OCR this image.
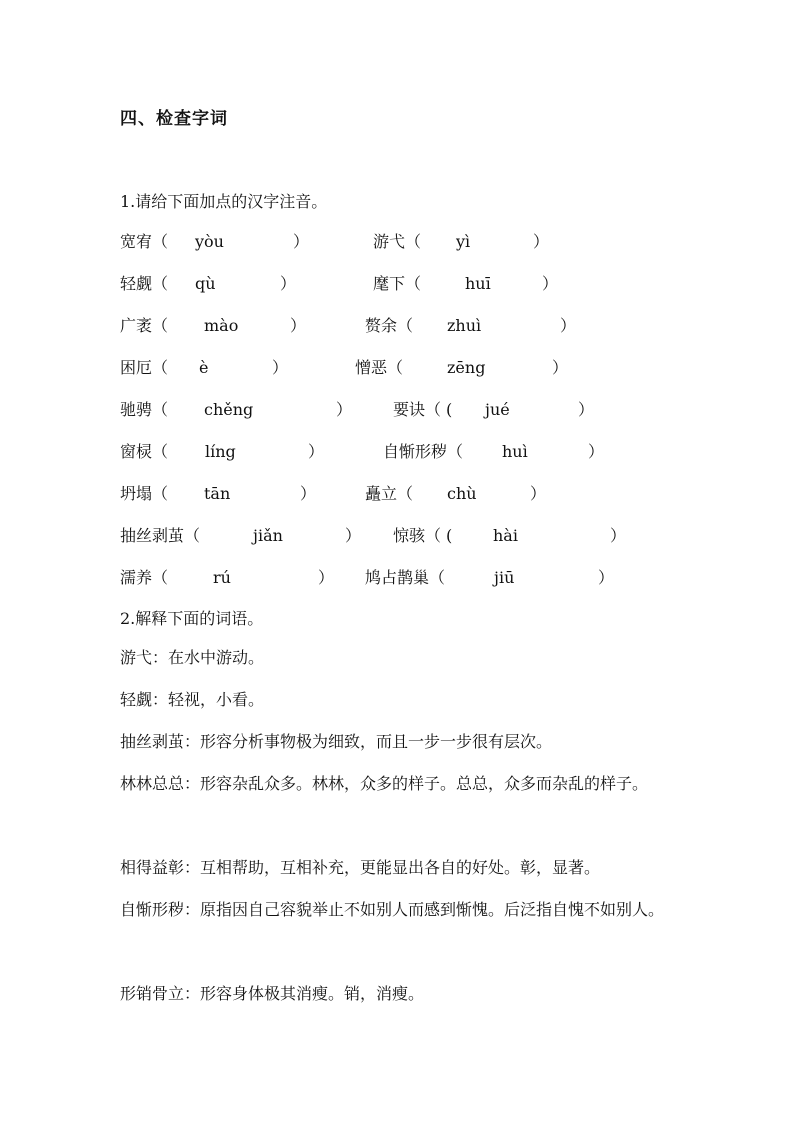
四、检查字词
1.请给下面加点的汉字注音。
宽宥（ yòu	）	游弋（ yì	）
轻觑（ qù	）	麾下（	huī	）
广袤（ mào	）	赘余（ zhuì	）
困厄（ è	）	憎恶（	zēng	）
驰骋（ chěng	）	要诀（ ( jué	）
窗棂（ líng	）	自惭形秽（ huì	）
坍塌（ tān	）	矗立（ chù	）
抽丝剥茧（	jiǎn	） 惊骇（ (	hài	）
濡养（	rú	） 鸠占鹊巢（	jiū	）
2.解释下面的词语。
游弋：在水中游动。
轻觑：轻视，小看。
抽丝剥茧：形容分析事物极为细致，而且一步一步很有层次。
林林总总：形容杂乱众多。林林，众多的样子。总总，众多而杂乱的样子。
相得益彰：互相帮助，互相补充，更能显出各自的好处。彰，显著。
自惭形秽：原指因自己容貌举止不如别人而感到惭愧。后泛指自愧不如别人。
形销骨立：形容身体极其消瘦。销，消瘦。
